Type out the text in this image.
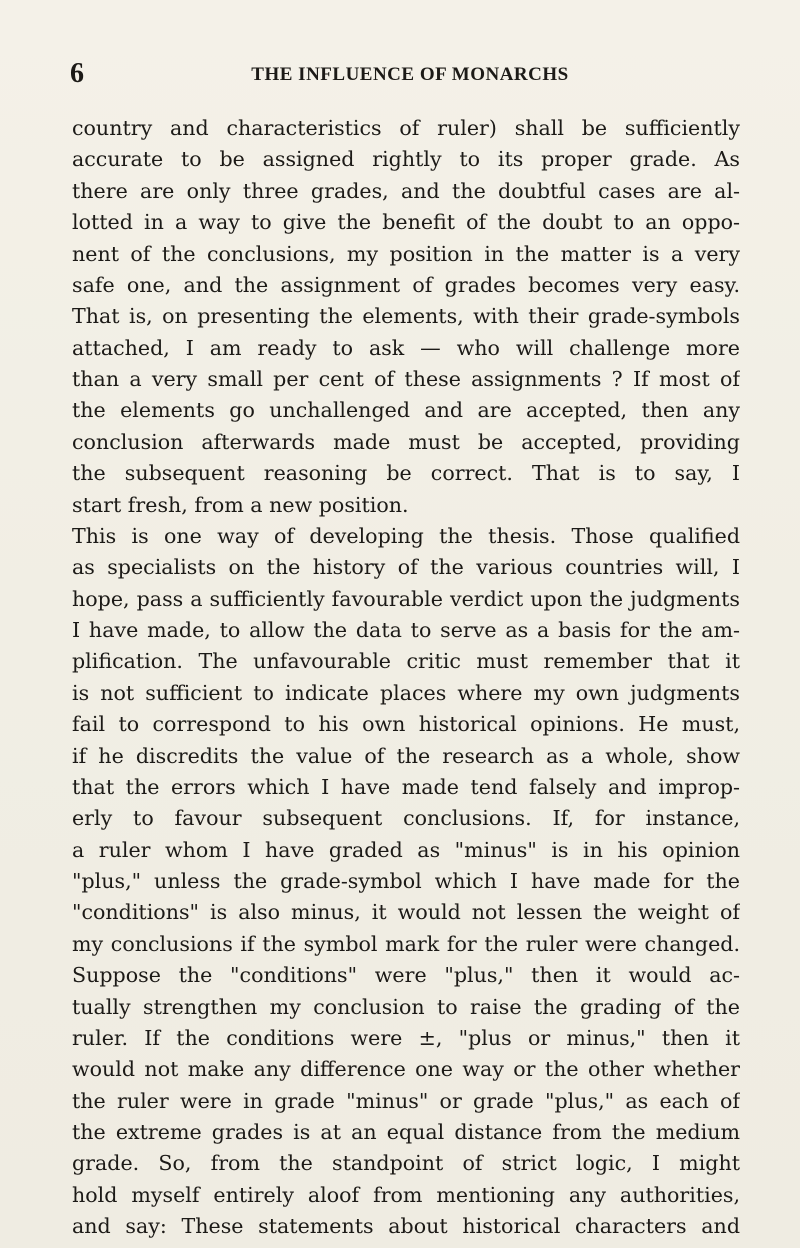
6	THE INFLUENCE OF MONARCHS
country and characteristics of ruler) shall be sufficiently
accurate to be assigned rightly to its proper grade. As
there are only three grades, and the doubtful cases are al-
lotted in a way to give the benefit of the doubt to an oppo-
nent of the conclusions, my position in the matter is a very
safe one, and the assignment of grades becomes very easy.
That is, on presenting the elements, with their grade-symbols
attached, I am ready to ask — who will challenge more
than a very small per cent of these assignments ? If most of
the elements go unchallenged and are accepted, then any
conclusion afterwards made must be accepted, providing
the subsequent reasoning be correct. That is to say, I
start fresh, from a new position.
This is one way of developing the thesis. Those qualified
as specialists on the history of the various countries will, I
hope, pass a sufficiently favourable verdict upon the judgments
I have made, to allow the data to serve as a basis for the am-
plification. The unfavourable critic must remember that it
is not sufficient to indicate places where my own judgments
fail to correspond to his own historical opinions. He must,
if he discredits the value of the research as a whole, show
that the errors which I have made tend falsely and improp-
erly to favour subsequent conclusions. If, for instance,
a ruler whom I have graded as "minus" is in his opinion
"plus," unless the grade-symbol which I have made for the
"conditions" is also minus, it would not lessen the weight of
my conclusions if the symbol mark for the ruler were changed.
Suppose the "conditions" were "plus," then it would ac-
tually strengthen my conclusion to raise the grading of the
ruler. If the conditions were ±, "plus or minus," then it
would not make any difference one way or the other whether
the ruler were in grade "minus" or grade "plus," as each of
the extreme grades is at an equal distance from the medium
grade. So, from the standpoint of strict logic, I might
hold myself entirely aloof from mentioning any authorities,
and say: These statements about historical characters and
